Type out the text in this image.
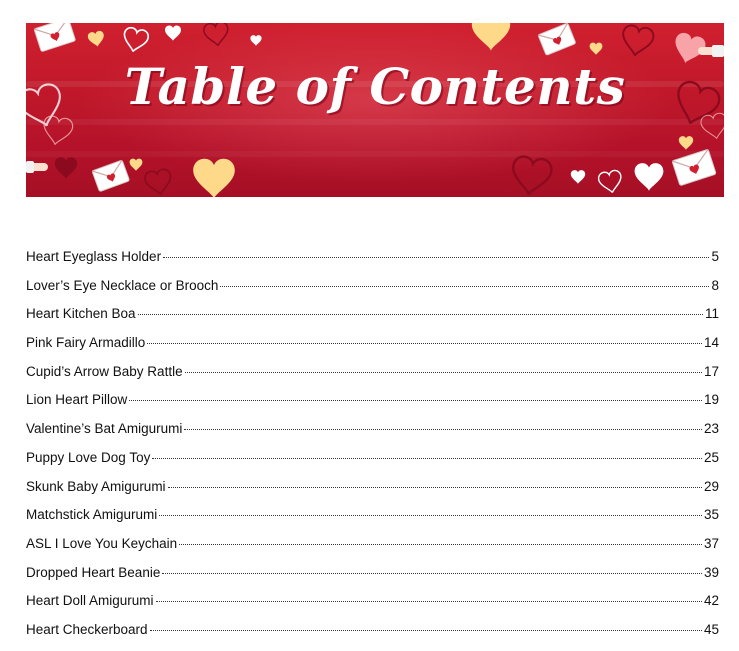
Table of Contents
Heart Eyeglass Holder	5
Lover’s Eye Necklace or Brooch	8
Heart Kitchen Boa	11
Pink Fairy Armadillo	14
Cupid’s Arrow Baby Rattle	17
Lion Heart Pillow	19
Valentine’s Bat Amigurumi	23
Puppy Love Dog Toy	25
Skunk Baby Amigurumi	29
Matchstick Amigurumi	35
ASL I Love You Keychain	37
Dropped Heart Beanie	39
Heart Doll Amigurumi	42
Heart Checkerboard	45
